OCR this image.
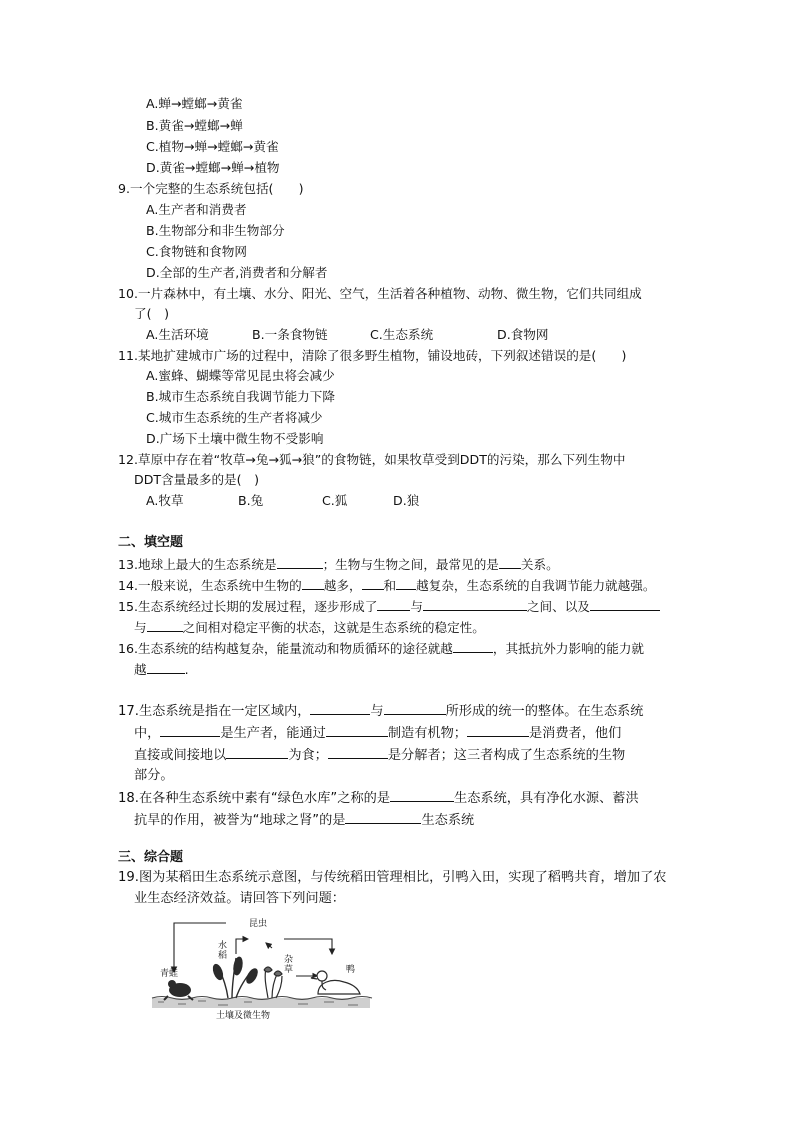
A.蝉→螳螂→黄雀
B.黄雀→螳螂→蝉
C.植物→蝉→螳螂→黄雀
D.黄雀→螳螂→蝉→植物
9.一个完整的生态系统包括(　　)
A.生产者和消费者
B.生物部分和非生物部分
C.食物链和食物网
D.全部的生产者,消费者和分解者
10.一片森林中，有土壤、水分、阳光、空气，生活着各种植物、动物、微生物，它们共同组成
了(　)
A.生活环境	B.一条食物链	C.生态系统	D.食物网
11.某地扩建城市广场的过程中，清除了很多野生植物，铺设地砖，下列叙述错误的是(　　)
A.蜜蜂、蝴蝶等常见昆虫将会减少
B.城市生态系统自我调节能力下降
C.城市生态系统的生产者将减少
D.广场下土壤中微生物不受影响
12.草原中存在着“牧草→兔→狐→狼”的食物链，如果牧草受到DDT的污染，那么下列生物中
DDT含量最多的是(　)
A.牧草	B.兔	C.狐	D.狼
二、填空题
13.地球上最大的生态系统是	；生物与生物之间，最常见的是 关系。
14.一般来说，生态系统中生物的 越多， 和 越复杂，生态系统的自我调节能力就越强。
15.生态系统经过长期的发展过程，逐步形成了	与	之间、以及
与	之间相对稳定平衡的状态，这就是生态系统的稳定性。
16.生态系统的结构越复杂，能量流动和物质循环的途径就越	，其抵抗外力影响的能力就
越	.
17.生态系统是指在一定区域内，	与	所形成的统一的整体。在生态系统
中，	是生产者，能通过	制造有机物；	是消费者，他们
直接或间接地以	为食；	是分解者；这三者构成了生态系统的生物
部分。
18.在各种生态系统中素有“绿色水库”之称的是	生态系统，具有净化水源、蓄洪
抗旱的作用，被誉为“地球之肾”的是	生态系统
三、综合题
19.图为某稻田生态系统示意图，与传统稻田管理相比，引鸭入田，实现了稻鸭共育，增加了农
业生态经济效益。请回答下列问题：
昆虫
水
稻	杂
草
青蛙	鸭
土壤及微生物
